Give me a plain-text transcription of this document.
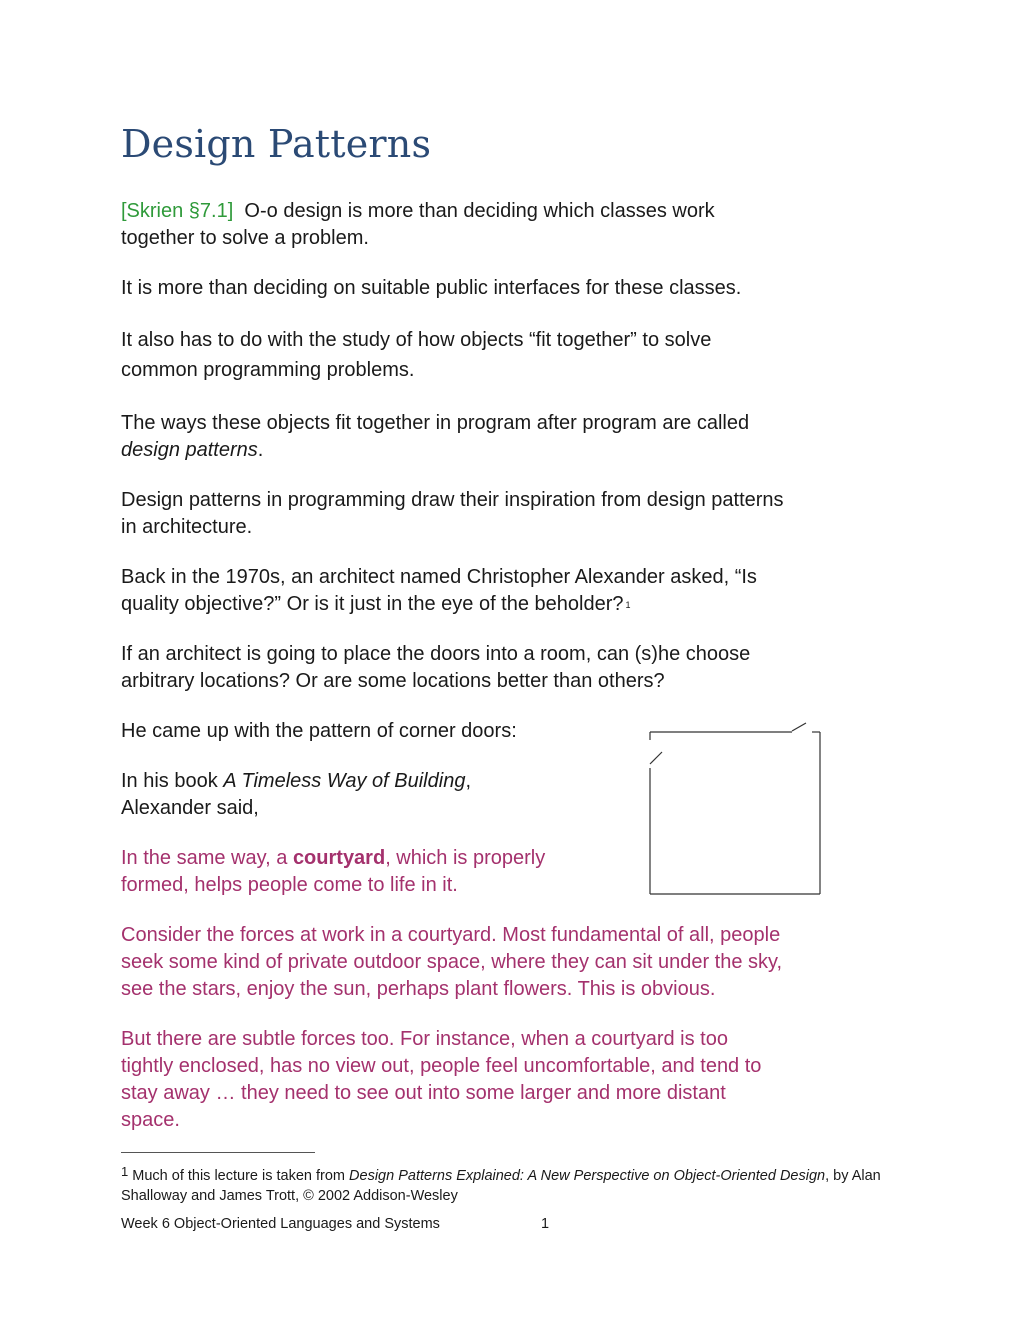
Design Patterns

[Skrien §7.1] O-o design is more than deciding which classes work
together to solve a problem.

It is more than deciding on suitable public interfaces for these classes.

It also has to do with the study of how objects “fit together” to solve
common programming problems.

The ways these objects fit together in program after program are called
design patterns.

Design patterns in programming draw their inspiration from design patterns
in architecture.

Back in the 1970s, an architect named Christopher Alexander asked, “Is
quality objective?” Or is it just in the eye of the beholder? $^1$

If an architect is going to place the doors into a room, can (s)he choose
arbitrary locations? Or are some locations better than others?

He came up with the pattern of corner doors:

In his book A Timeless Way of Building,
Alexander said,

In the same way, a courtyard, which is properly
formed, helps people come to life in it.

Consider the forces at work in a courtyard. Most fundamental of all, people
seek some kind of private outdoor space, where they can sit under the sky,
see the stars, enjoy the sun, perhaps plant flowers. This is obvious.

But there are subtle forces too. For instance, when a courtyard is too
tightly enclosed, has no view out, people feel uncomfortable, and tend to
stay away … they need to see out into some larger and more distant
space.

1 Much of this lecture is taken from Design Patterns Explained: A New Perspective on Object-Oriented Design, by Alan Shalloway and James Trott, © 2002 Addison-Wesley

Week 6 Object-Oriented Languages and Systems	1
